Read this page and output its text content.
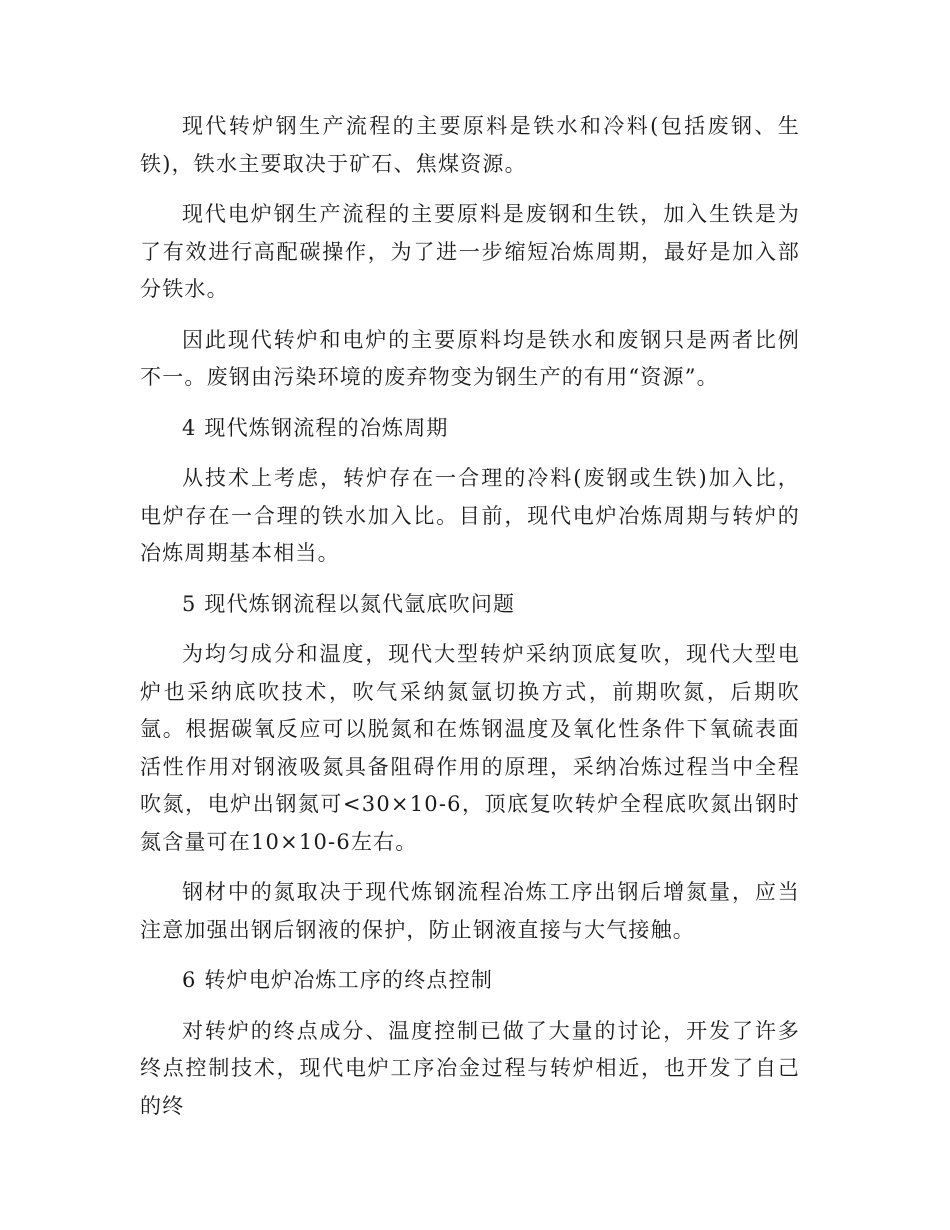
现代转炉钢生产流程的主要原料是铁水和冷料(包括废钢、生铁)，铁水主要取决于矿石、焦煤资源。

现代电炉钢生产流程的主要原料是废钢和生铁，加入生铁是为了有效进行高配碳操作，为了进一步缩短冶炼周期，最好是加入部分铁水。

因此现代转炉和电炉的主要原料均是铁水和废钢只是两者比例不一。废钢由污染环境的废弃物变为钢生产的有用“资源”。

4 现代炼钢流程的冶炼周期

从技术上考虑，转炉存在一合理的冷料(废钢或生铁)加入比，电炉存在一合理的铁水加入比。目前，现代电炉冶炼周期与转炉的冶炼周期基本相当。

5 现代炼钢流程以氮代氩底吹问题

为均匀成分和温度，现代大型转炉采纳顶底复吹，现代大型电炉也采纳底吹技术，吹气采纳氮氩切换方式，前期吹氮，后期吹氩。根据碳氧反应可以脱氮和在炼钢温度及氧化性条件下氧硫表面活性作用对钢液吸氮具备阻碍作用的原理，采纳冶炼过程当中全程吹氮，电炉出钢氮可<30×10-6，顶底复吹转炉全程底吹氮出钢时氮含量可在10×10-6左右。

钢材中的氮取决于现代炼钢流程冶炼工序出钢后增氮量，应当注意加强出钢后钢液的保护，防止钢液直接与大气接触。

6 转炉电炉冶炼工序的终点控制

对转炉的终点成分、温度控制已做了大量的讨论，开发了许多终点控制技术，现代电炉工序冶金过程与转炉相近，也开发了自己的终
